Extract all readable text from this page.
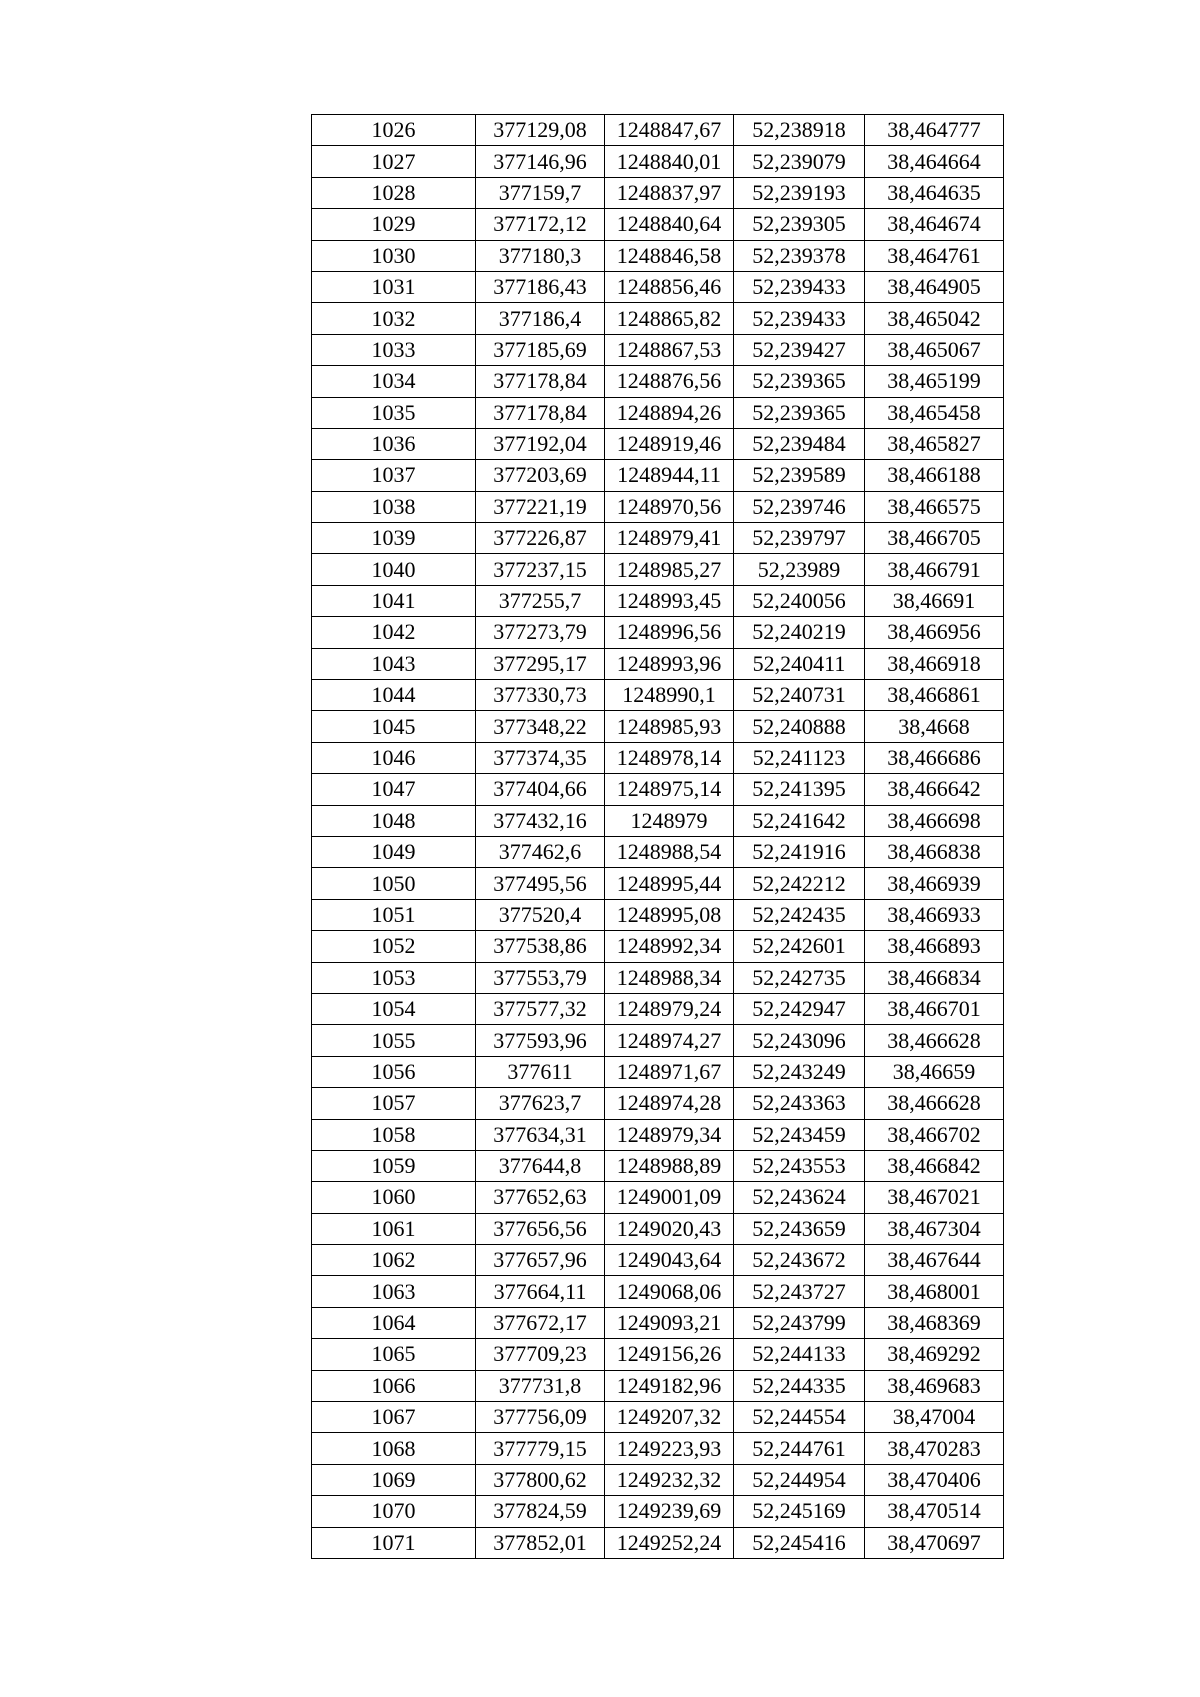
1026	377129,08	1248847,67	52,238918	38,464777
1027	377146,96	1248840,01	52,239079	38,464664
1028	377159,7	1248837,97	52,239193	38,464635
1029	377172,12	1248840,64	52,239305	38,464674
1030	377180,3	1248846,58	52,239378	38,464761
1031	377186,43	1248856,46	52,239433	38,464905
1032	377186,4	1248865,82	52,239433	38,465042
1033	377185,69	1248867,53	52,239427	38,465067
1034	377178,84	1248876,56	52,239365	38,465199
1035	377178,84	1248894,26	52,239365	38,465458
1036	377192,04	1248919,46	52,239484	38,465827
1037	377203,69	1248944,11	52,239589	38,466188
1038	377221,19	1248970,56	52,239746	38,466575
1039	377226,87	1248979,41	52,239797	38,466705
1040	377237,15	1248985,27	52,23989	38,466791
1041	377255,7	1248993,45	52,240056	38,46691
1042	377273,79	1248996,56	52,240219	38,466956
1043	377295,17	1248993,96	52,240411	38,466918
1044	377330,73	1248990,1	52,240731	38,466861
1045	377348,22	1248985,93	52,240888	38,4668
1046	377374,35	1248978,14	52,241123	38,466686
1047	377404,66	1248975,14	52,241395	38,466642
1048	377432,16	1248979	52,241642	38,466698
1049	377462,6	1248988,54	52,241916	38,466838
1050	377495,56	1248995,44	52,242212	38,466939
1051	377520,4	1248995,08	52,242435	38,466933
1052	377538,86	1248992,34	52,242601	38,466893
1053	377553,79	1248988,34	52,242735	38,466834
1054	377577,32	1248979,24	52,242947	38,466701
1055	377593,96	1248974,27	52,243096	38,466628
1056	377611	1248971,67	52,243249	38,46659
1057	377623,7	1248974,28	52,243363	38,466628
1058	377634,31	1248979,34	52,243459	38,466702
1059	377644,8	1248988,89	52,243553	38,466842
1060	377652,63	1249001,09	52,243624	38,467021
1061	377656,56	1249020,43	52,243659	38,467304
1062	377657,96	1249043,64	52,243672	38,467644
1063	377664,11	1249068,06	52,243727	38,468001
1064	377672,17	1249093,21	52,243799	38,468369
1065	377709,23	1249156,26	52,244133	38,469292
1066	377731,8	1249182,96	52,244335	38,469683
1067	377756,09	1249207,32	52,244554	38,47004
1068	377779,15	1249223,93	52,244761	38,470283
1069	377800,62	1249232,32	52,244954	38,470406
1070	377824,59	1249239,69	52,245169	38,470514
1071	377852,01	1249252,24	52,245416	38,470697
